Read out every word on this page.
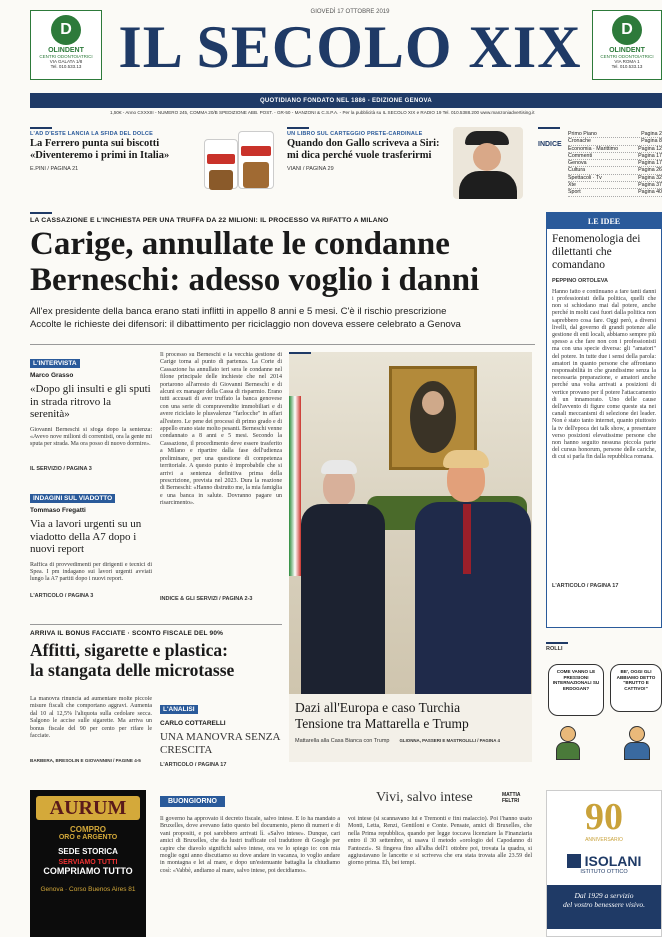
D
OLINDENT
CENTRI ODONTOIATRICI
VIA GALATA 1/8
Tel. 010.533.13
D
OLINDENT
CENTRI ODONTOIATRICI
VIA ROMA 1
Tel. 010.533.13
GIOVEDÌ 17 OTTOBRE 2019
IL SECOLO XIX
QUOTIDIANO FONDATO NEL 1886 - EDIZIONE GENOVA
1,50€ - Anno CXXXIII - NUMERO 245, COMMA 20/B SPEDIZIONE ABB. POST. - GR-50 - MANZONI & C.S.P.A. - Per la pubblicità su IL SECOLO XIX e RADIO 19 Tel. 010.5388.200 www.manzoniadvertising.it
L'AD D'ESTE LANCIA LA SFIDA DEL DOLCE
La Ferrero punta sui biscotti «Diventeremo i primi in Italia»
E.PINI / PAGINA 21
UN LIBRO SUL CARTEGGIO PRETE-CARDINALE
Quando don Gallo scriveva a Siri: mi dica perché vuole trasferirmi
VIANI / PAGINA 29
INDICE
Primo Piano	Pagina 2
Cronache	Pagina 8
Economia · Marittimo	Pagina 12
Commenti	Pagina 17
Genova	Pagina 17
Cultura	Pagina 26
Spettacoli · Tv	Pagina 32
Xte	Pagina 37
Sport	Pagina 40
LA CASSAZIONE E L'INCHIESTA PER UNA TRUFFA DA 22 MILIONI: IL PROCESSO VA RIFATTO A MILANO
Carige, annullate le condanne
Berneschi: adesso voglio i danni
All'ex presidente della banca erano stati inflitti in appello 8 anni e 5 mesi. C'è il rischio prescrizione
Accolte le richieste dei difensori: il dibattimento per riciclaggio non doveva essere celebrato a Genova
L'INTERVISTA
Marco Grasso
«Dopo gli insulti e gli sputi in strada ritrovo la serenità»
Giovanni Berneschi si sfoga dopo la sentenza: «Avevo nove milioni di correntisti, ora la gente mi sputa per strada. Ma ora posso di nuovo dormire».
IL SERVIZIO / PAGINA 3
INDAGINI SUL VIADOTTO
Tommaso Fregatti
Via a lavori urgenti su un viadotto della A7 dopo i nuovi report
Raffica di provvedimenti per dirigenti e tecnici di Spea. I pm indagano sui lavori urgenti avviati lungo la A7 partiti dopo i nuovi report.
L'ARTICOLO / PAGINA 3
Il processo su Berneschi e la vecchia gestione di Carige torna al punto di partenza. La Corte di Cassazione ha annullato ieri sera le condanne nel filone principale delle inchieste che nel 2014 portarono all'arresto di Giovanni Berneschi e di alcuni ex manager della Cassa di risparmio. Erano tutti accusati di aver truffato la banca genovese con una serie di compravendite immobiliari e di avere riciclato le plusvalenze "farlocche" in affari all'estero. Le pene dei processi di primo grado e di appello erano state molto pesanti. Berneschi venne condannato a 8 anni e 5 mesi. Secondo la Cassazione, il procedimento deve essere trasferito a Milano e ripartire dalla fase dell'udienza preliminare, per una questione di competenza territoriale. A questo punto è improbabile che si arrivi a sentenza definitiva prima della prescrizione, prevista nel 2023. Dura la reazione di Berneschi: «Hanno distrutto me, la mia famiglia e una banca in salute. Dovranno pagare un risarcimento».
INDICE & GLI SERVIZI / PAGINA 2-3
Dazi all'Europa e caso Turchia
Tensione tra Mattarella e Trump
Mattarella alla Casa Bianca con Trump GLIONNA, PASSERI E MASTROLILLI / PAGINA 4
ARRIVA IL BONUS FACCIATE · SCONTO FISCALE DEL 90%
Affitti, sigarette e plastica:
la stangata delle microtasse
La manovra rinuncia ad aumentare molte piccole misure fiscali che comportano aggravi. Aumenta dal 10 al 12,5% l'aliquota sulla cedolare secca. Salgono le accise sulle sigarette. Ma arriva un bonus fiscale del 90 per cento per rifare le facciate.
BARBERA, BRESOLIN E GIOVANNINI / PAGINE 4-5
L'ANALISI
CARLO COTTARELLI
UNA MANOVRA SENZA CRESCITA
L'ARTICOLO / PAGINA 17
LE IDEE
Fenomenologia dei dilettanti che comandano
PEPPINO ORTOLEVA
Hanno fatto e continuano a fare tanti danni i professionisti della politica, quelli che non si schiodano mai dal potere, anche perché in molti casi fuori dalla politica non saprebbero cosa fare. Oggi però, a diversi livelli, dal governo di grandi potenze alle gestione di enti locali, abbiamo sempre più spesso a che fare non con i professionisti ma con una specie diversa: gli "amatori" del potere. In tutte due i sensi della parola: amatori in quanto persone che affrontano responsabilità in che grandissime senza la necessaria preparazione, e amatori anche perché una volta arrivati a posizioni di vertice provano per il potere l'attaccamento di un innamorato. Uno delle cause dell'avvento di figure come queste sta nei canali meccanismi di selezione dei leader. Non è stato tanto internet, quanto piuttosto la tv dell'epoca dei talk show, a presentare verso posizioni elevatissime persone che non hanno seguito nessuna piccola parte del cursus honorum, persone delle cariche, di cui si parla fin dalla repubblica romana.
L'ARTICOLO / PAGINA 17
ROLLI
COME VANNO LE PRESSIONI INTERNAZIONALI SU ERDOGAN?
BE', OGGI GLI ABBIAMO DETTO "BRUTTO E CATTIVO!"
AURUM
COMPRO
ORO e ARGENTO
SEDE STORICA
SERVIAMO TUTTI
COMPRIAMO TUTTO
Genova · Corso Buenos Aires 81
BUONGIORNO	Vivi, salvo intese	MATTIA FELTRI
Il governo ha approvato il decreto fiscale, salvo intese. E lo ha mandato a Bruxelles, dove avevano fatto questo bel documento, pieno di numeri e di vani propositi, e poi sarebbero arrivati lì. «Salvo intese». Dunque, cari amici di Bruxelles, che da lustri trafficate col traduttore di Google per capire che diavolo significhi salvo intese, ora ve lo spiego io: con mia moglie ogni anno discutiamo su dove andare in vacanza, io voglio andare in montagna e lei al mare, e dopo un'estenuante battaglia la chiudiamo così: «Vabbè, andiamo al mare, salvo intese, poi decidiamo».
voi intese (si scannavano lui e Tremonti e finì malaccio). Poi l'hanno usato Monti, Letta, Renzi, Gentiloni e Conte. Pensate, amici di Bruxelles, che nella Prima repubblica, quando per legge toccava licenziare la Finanziaria entro il 30 settembre, si usava il metodo «orologio del Capodanno di Fantozzi». Si fingeva fino all'alba dell'1 ottobre poi, trovata la quadra, si aggiustavano le lancette e si scriveva che era stata trovata alle 23.59 del giorno prima. Eh, bei tempi.
90
ANNIVERSARIO
ISOLANI
ISTITUTO OTTICO
Dal 1929 a servizio
del vostro benessere visivo.
